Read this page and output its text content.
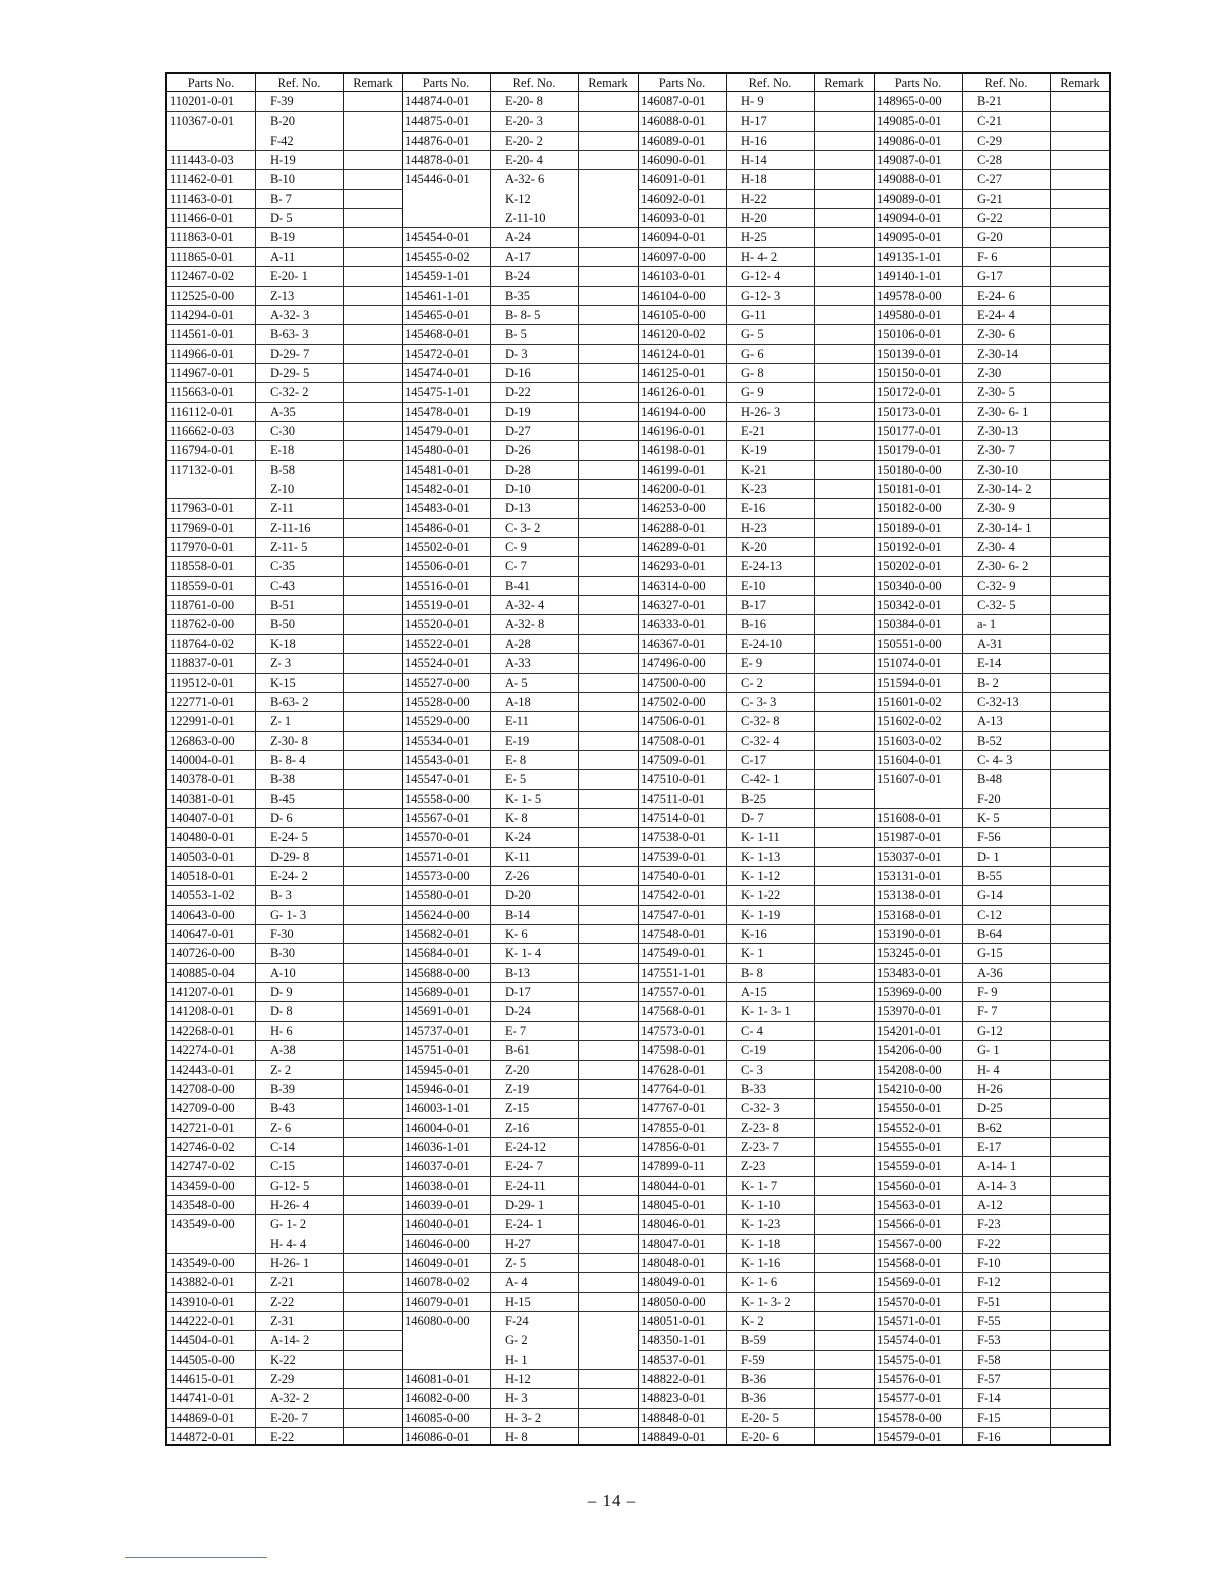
Parts No.	Ref. No.	Remark
110201-0-01	F-39
110367-0-01	B-20
F-42
111443-0-03	H-19
111462-0-01	B-10
111463-0-01	B- 7
111466-0-01	D- 5
111863-0-01	B-19
111865-0-01	A-11
112467-0-02	E-20- 1
112525-0-00	Z-13
114294-0-01	A-32- 3
114561-0-01	B-63- 3
114966-0-01	D-29- 7
114967-0-01	D-29- 5
115663-0-01	C-32- 2
116112-0-01	A-35
116662-0-03	C-30
116794-0-01	E-18
117132-0-01	B-58
Z-10
117963-0-01	Z-11
117969-0-01	Z-11-16
117970-0-01	Z-11- 5
118558-0-01	C-35
118559-0-01	C-43
118761-0-00	B-51
118762-0-00	B-50
118764-0-02	K-18
118837-0-01	Z- 3
119512-0-01	K-15
122771-0-01	B-63- 2
122991-0-01	Z- 1
126863-0-00	Z-30- 8
140004-0-01	B- 8- 4
140378-0-01	B-38
140381-0-01	B-45
140407-0-01	D- 6
140480-0-01	E-24- 5
140503-0-01	D-29- 8
140518-0-01	E-24- 2
140553-1-02	B- 3
140643-0-00	G- 1- 3
140647-0-01	F-30
140726-0-00	B-30
140885-0-04	A-10
141207-0-01	D- 9
141208-0-01	D- 8
142268-0-01	H- 6
142274-0-01	A-38
142443-0-01	Z- 2
142708-0-00	B-39
142709-0-00	B-43
142721-0-01	Z- 6
142746-0-02	C-14
142747-0-02	C-15
143459-0-00	G-12- 5
143548-0-00	H-26- 4
143549-0-00	G- 1- 2
H- 4- 4
143549-0-00	H-26- 1
143882-0-01	Z-21
143910-0-01	Z-22
144222-0-01	Z-31
144504-0-01	A-14- 2
144505-0-00	K-22
144615-0-01	Z-29
144741-0-01	A-32- 2
144869-0-01	E-20- 7
144872-0-01	E-22
Parts No.	Ref. No.	Remark
144874-0-01	E-20- 8
144875-0-01	E-20- 3
144876-0-01	E-20- 2
144878-0-01	E-20- 4
145446-0-01	A-32- 6
K-12
Z-11-10
145454-0-01	A-24
145455-0-02	A-17
145459-1-01	B-24
145461-1-01	B-35
145465-0-01	B- 8- 5
145468-0-01	B- 5
145472-0-01	D- 3
145474-0-01	D-16
145475-1-01	D-22
145478-0-01	D-19
145479-0-01	D-27
145480-0-01	D-26
145481-0-01	D-28
145482-0-01	D-10
145483-0-01	D-13
145486-0-01	C- 3- 2
145502-0-01	C- 9
145506-0-01	C- 7
145516-0-01	B-41
145519-0-01	A-32- 4
145520-0-01	A-32- 8
145522-0-01	A-28
145524-0-01	A-33
145527-0-00	A- 5
145528-0-00	A-18
145529-0-00	E-11
145534-0-01	E-19
145543-0-01	E- 8
145547-0-01	E- 5
145558-0-00	K- 1- 5
145567-0-01	K- 8
145570-0-01	K-24
145571-0-01	K-11
145573-0-00	Z-26
145580-0-01	D-20
145624-0-00	B-14
145682-0-01	K- 6
145684-0-01	K- 1- 4
145688-0-00	B-13
145689-0-01	D-17
145691-0-01	D-24
145737-0-01	E- 7
145751-0-01	B-61
145945-0-01	Z-20
145946-0-01	Z-19
146003-1-01	Z-15
146004-0-01	Z-16
146036-1-01	E-24-12
146037-0-01	E-24- 7
146038-0-01	E-24-11
146039-0-01	D-29- 1
146040-0-01	E-24- 1
146046-0-00	H-27
146049-0-01	Z- 5
146078-0-02	A- 4
146079-0-01	H-15
146080-0-00	F-24
G- 2
H- 1
146081-0-01	H-12
146082-0-00	H- 3
146085-0-00	H- 3- 2
146086-0-01	H- 8
Parts No.	Ref. No.	Remark
146087-0-01	H- 9
146088-0-01	H-17
146089-0-01	H-16
146090-0-01	H-14
146091-0-01	H-18
146092-0-01	H-22
146093-0-01	H-20
146094-0-01	H-25
146097-0-00	H- 4- 2
146103-0-01	G-12- 4
146104-0-00	G-12- 3
146105-0-00	G-11
146120-0-02	G- 5
146124-0-01	G- 6
146125-0-01	G- 8
146126-0-01	G- 9
146194-0-00	H-26- 3
146196-0-01	E-21
146198-0-01	K-19
146199-0-01	K-21
146200-0-01	K-23
146253-0-00	E-16
146288-0-01	H-23
146289-0-01	K-20
146293-0-01	E-24-13
146314-0-00	E-10
146327-0-01	B-17
146333-0-01	B-16
146367-0-01	E-24-10
147496-0-00	E- 9
147500-0-00	C- 2
147502-0-00	C- 3- 3
147506-0-01	C-32- 8
147508-0-01	C-32- 4
147509-0-01	C-17
147510-0-01	C-42- 1
147511-0-01	B-25
147514-0-01	D- 7
147538-0-01	K- 1-11
147539-0-01	K- 1-13
147540-0-01	K- 1-12
147542-0-01	K- 1-22
147547-0-01	K- 1-19
147548-0-01	K-16
147549-0-01	K- 1
147551-1-01	B- 8
147557-0-01	A-15
147568-0-01	K- 1- 3- 1
147573-0-01	C- 4
147598-0-01	C-19
147628-0-01	C- 3
147764-0-01	B-33
147767-0-01	C-32- 3
147855-0-01	Z-23- 8
147856-0-01	Z-23- 7
147899-0-11	Z-23
148044-0-01	K- 1- 7
148045-0-01	K- 1-10
148046-0-01	K- 1-23
148047-0-01	K- 1-18
148048-0-01	K- 1-16
148049-0-01	K- 1- 6
148050-0-00	K- 1- 3- 2
148051-0-01	K- 2
148350-1-01	B-59
148537-0-01	F-59
148822-0-01	B-36
148823-0-01	B-36
148848-0-01	E-20- 5
148849-0-01	E-20- 6
Parts No.	Ref. No.	Remark
148965-0-00	B-21
149085-0-01	C-21
149086-0-01	C-29
149087-0-01	C-28
149088-0-01	C-27
149089-0-01	G-21
149094-0-01	G-22
149095-0-01	G-20
149135-1-01	F- 6
149140-1-01	G-17
149578-0-00	E-24- 6
149580-0-01	E-24- 4
150106-0-01	Z-30- 6
150139-0-01	Z-30-14
150150-0-01	Z-30
150172-0-01	Z-30- 5
150173-0-01	Z-30- 6- 1
150177-0-01	Z-30-13
150179-0-01	Z-30- 7
150180-0-00	Z-30-10
150181-0-01	Z-30-14- 2
150182-0-00	Z-30- 9
150189-0-01	Z-30-14- 1
150192-0-01	Z-30- 4
150202-0-01	Z-30- 6- 2
150340-0-00	C-32- 9
150342-0-01	C-32- 5
150384-0-01	a- 1
150551-0-00	A-31
151074-0-01	E-14
151594-0-01	B- 2
151601-0-02	C-32-13
151602-0-02	A-13
151603-0-02	B-52
151604-0-01	C- 4- 3
151607-0-01	B-48
F-20
151608-0-01	K- 5
151987-0-01	F-56
153037-0-01	D- 1
153131-0-01	B-55
153138-0-01	G-14
153168-0-01	C-12
153190-0-01	B-64
153245-0-01	G-15
153483-0-01	A-36
153969-0-00	F- 9
153970-0-01	F- 7
154201-0-01	G-12
154206-0-00	G- 1
154208-0-00	H- 4
154210-0-00	H-26
154550-0-01	D-25
154552-0-01	B-62
154555-0-01	E-17
154559-0-01	A-14- 1
154560-0-01	A-14- 3
154563-0-01	A-12
154566-0-01	F-23
154567-0-00	F-22
154568-0-01	F-10
154569-0-01	F-12
154570-0-01	F-51
154571-0-01	F-55
154574-0-01	F-53
154575-0-01	F-58
154576-0-01	F-57
154577-0-01	F-14
154578-0-00	F-15
154579-0-01	F-16
– 14 –
